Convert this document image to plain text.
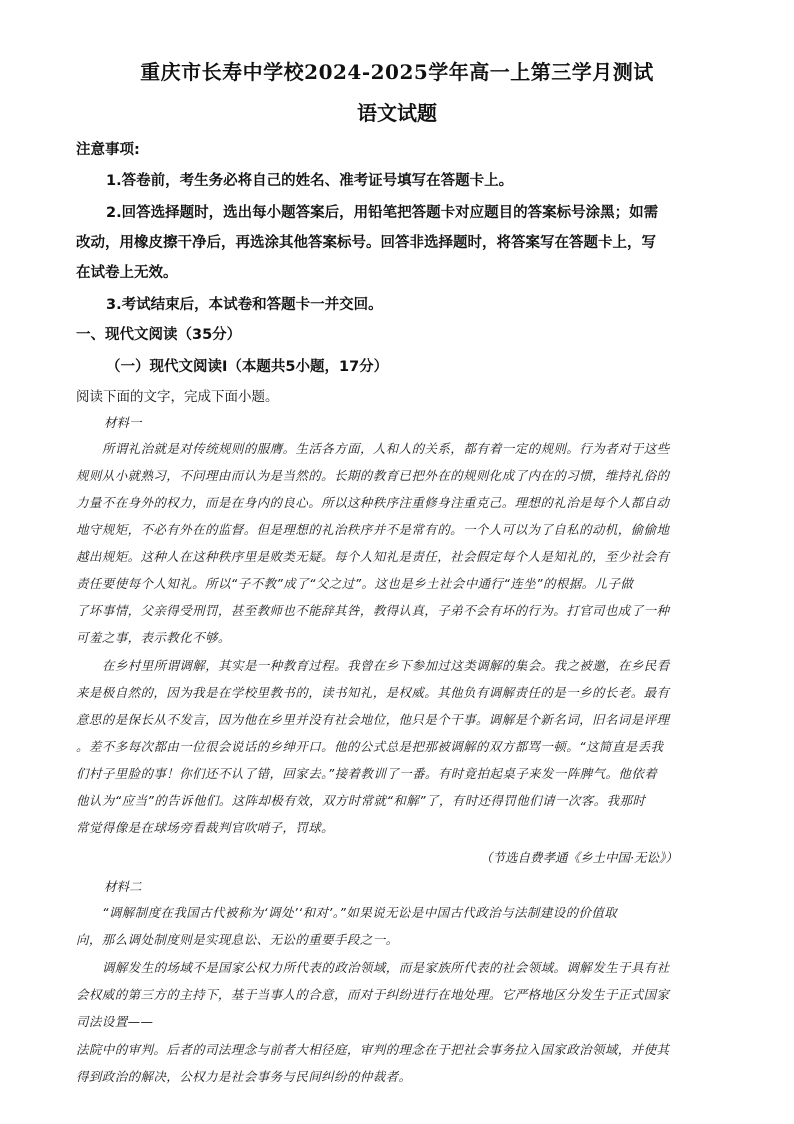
重庆市长寿中学校2024-2025学年高一上第三学月测试
语文试题
注意事项:
1.答卷前，考生务必将自己的姓名、准考证号填写在答题卡上。
2.回答选择题时，选出每小题答案后，用铅笔把答题卡对应题目的答案标号涂黑；如需
改动，用橡皮擦干净后，再选涂其他答案标号。回答非选择题时，将答案写在答题卡上，写
在试卷上无效。
3.考试结束后，本试卷和答题卡一并交回。
一、现代文阅读（35分）
（一）现代文阅读I（本题共5小题，17分）
阅读下面的文字，完成下面小题。
材料一
所谓礼治就是对传统规则的服膺。生活各方面，人和人的关系，都有着一定的规则。行为者对于这些
规则从小就熟习，不问理由而认为是当然的。长期的教育已把外在的规则化成了内在的习惯，维持礼俗的
力量不在身外的权力，而是在身内的良心。所以这种秩序注重修身注重克己。理想的礼治是每个人都自动
地守规矩，不必有外在的监督。但是理想的礼治秩序并不是常有的。一个人可以为了自私的动机，偷偷地
越出规矩。这种人在这种秩序里是败类无疑。每个人知礼是责任，社会假定每个人是知礼的，至少社会有
责任要使每个人知礼。所以“子不教”成了“父之过”。这也是乡土社会中通行“连坐”的根据。儿子做
了坏事情，父亲得受刑罚，甚至教师也不能辞其咎，教得认真，子弟不会有坏的行为。打官司也成了一种
可羞之事，表示教化不够。
在乡村里所谓调解，其实是一种教育过程。我曾在乡下参加过这类调解的集会。我之被邀，在乡民看
来是极自然的，因为我是在学校里教书的，读书知礼，是权威。其他负有调解责任的是一乡的长老。最有
意思的是保长从不发言，因为他在乡里并没有社会地位，他只是个干事。调解是个新名词，旧名词是评理
。差不多每次都由一位很会说话的乡绅开口。他的公式总是把那被调解的双方都骂一顿。“这简直是丢我
们村子里脸的事！你们还不认了错，回家去。”接着教训了一番。有时竟拍起桌子来发一阵脾气。他依着
他认为“应当”的告诉他们。这阵却极有效，双方时常就“和解”了，有时还得罚他们请一次客。我那时
常觉得像是在球场旁看裁判官吹哨子，罚球。
（节选自费孝通《乡土中国·无讼》）
材料二
“调解制度在我国古代被称为‘调处’‘和对’。”如果说无讼是中国古代政治与法制建设的价值取
向，那么调处制度则是实现息讼、无讼的重要手段之一。
调解发生的场域不是国家公权力所代表的政治领域，而是家族所代表的社会领域。调解发生于具有社
会权威的第三方的主持下，基于当事人的合意，而对于纠纷进行在地处理。它严格地区分发生于正式国家
司法设置——
法院中的审判。后者的司法理念与前者大相径庭，审判的理念在于把社会事务拉入国家政治领域，并使其
得到政治的解决，公权力是社会事务与民间纠纷的仲裁者。
